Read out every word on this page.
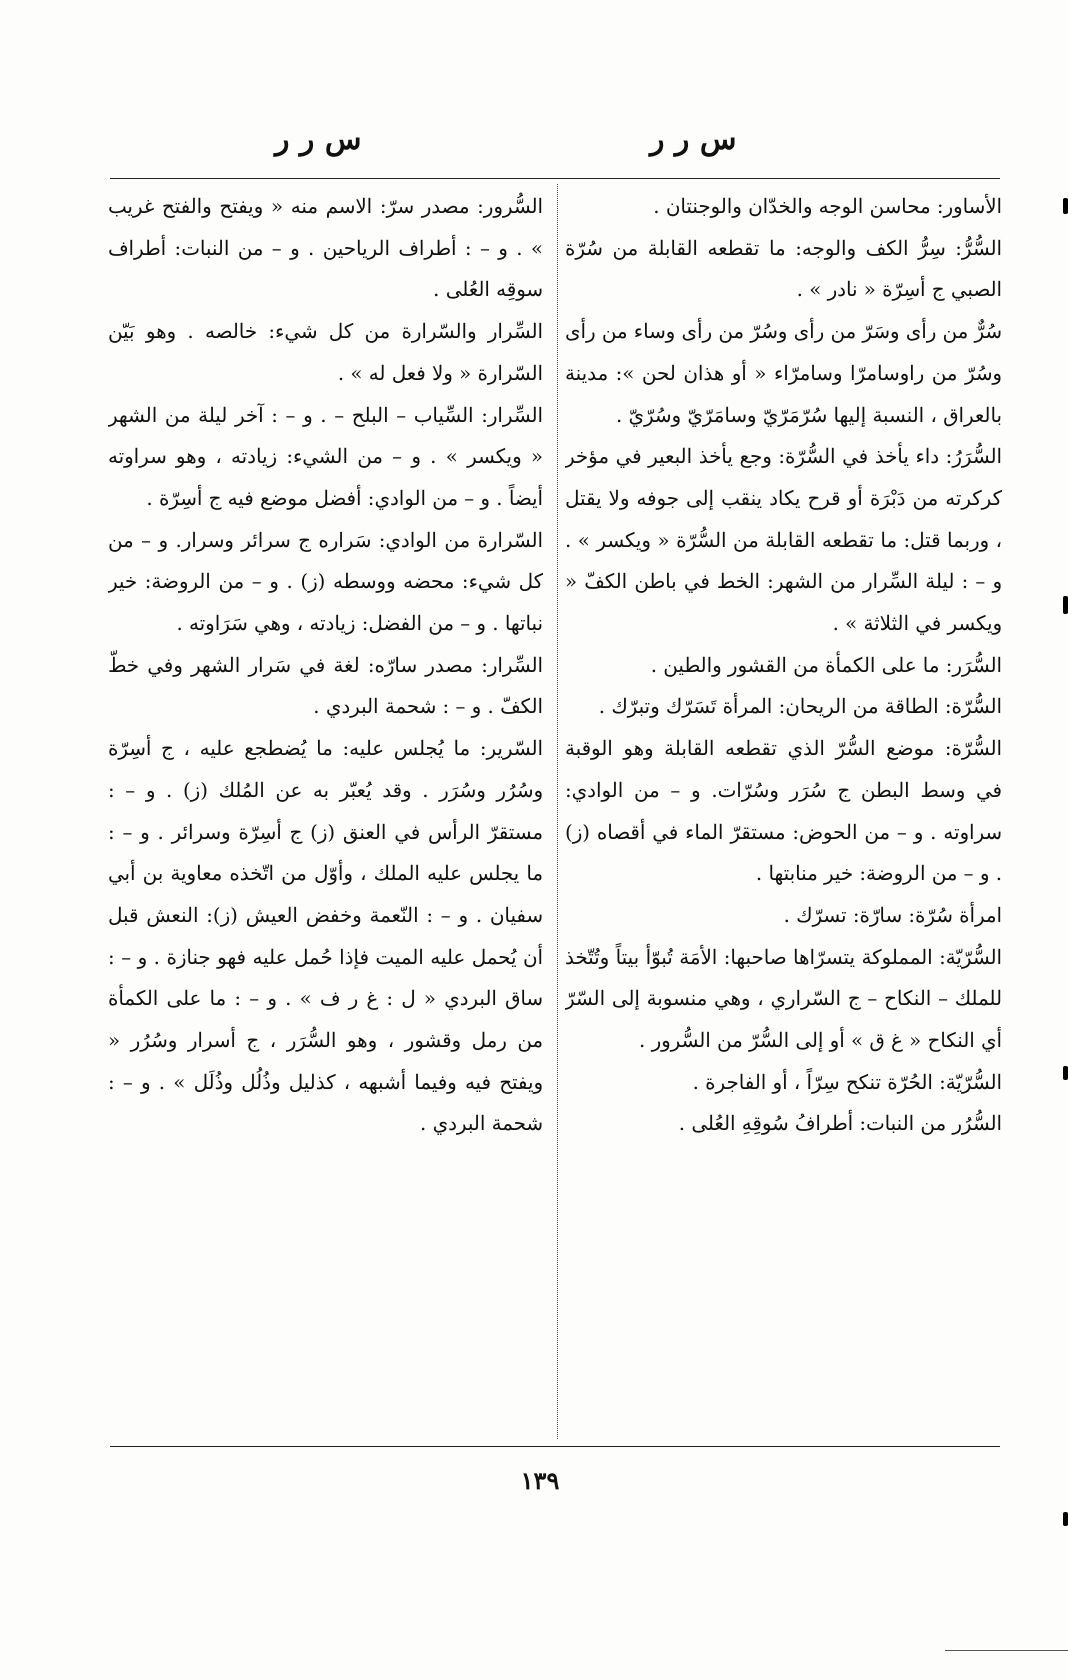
س ر ر
س ر ر

الأساور: محاسن الوجه والخدّان والوجنتان .

السُّرُّ: سِرُّ الكف والوجه: ما تقطعه القابلة من سُرّة الصبي ج أسِرّة « نادر » .

سُرٌّ من رأى وسَرّ من رأى وسُرّ من رأى وساء من رأى وسُرّ من راوسامرّا وسامرّاء « أو هذان لحن »: مدينة بالعراق ، النسبة إليها سُرّمَرّيّ وسامَرّيّ وسُرّيّ .

السُّرَرُ: داء يأخذ في السُّرّة: وجع يأخذ البعير في مؤخر كركرته من دَبْرَة أو قرح يكاد ينقب إلى جوفه ولا يقتل ، وربما قتل: ما تقطعه القابلة من السُّرّة « ويكسر » . و – : ليلة السِّرار من الشهر: الخط في باطن الكفّ « ويكسر في الثلاثة » .

السُّرَر: ما على الكمأة من القشور والطين .

السُّرّة: الطاقة من الريحان: المرأة تَسَرّك وتبرّك .

السُّرّة: موضع السُّرّ الذي تقطعه القابلة وهو الوقبة في وسط البطن ج سُرَر وسُرّات. و – من الوادي: سراوته . و – من الحوض: مستقرّ الماء في أقصاه (ز) . و – من الروضة: خير منابتها .

امرأة سُرّة: سارّة: تسرّك .

السُّرّيّة: المملوكة يتسرّاها صاحبها: الأمَة تُبوّأ بيتاً وتُتّخذ للملك – النكاح – ج السّراري ، وهي منسوبة إلى السّرّ أي النكاح « غ ق » أو إلى السُّرّ من السُّرور .

السُّرّيّة: الحُرّة تنكح سِرّاً ، أو الفاجرة .

السُّرُر من النبات: أطرافُ سُوقِهِ العُلى .

السُّرور: مصدر سرّ: الاسم منه « ويفتح والفتح غريب » . و – : أطراف الرياحين . و – من النبات: أطراف سوقِه العُلى .

السِّرار والسّرارة من كل شيء: خالصه . وهو بَيّن السّرارة « ولا فعل له » .

السِّرار: السِّياب – البلح – . و – : آخر ليلة من الشهر « ويكسر » . و – من الشيء: زيادته ، وهو سراوته أيضاً . و – من الوادي: أفضل موضع فيه ج أسِرّة .

السّرارة من الوادي: سَراره ج سرائر وسرار. و – من كل شيء: محضه ووسطه (ز) . و – من الروضة: خير نباتها . و – من الفضل: زيادته ، وهي سَرَاوته .

السِّرار: مصدر سارّه: لغة في سَرار الشهر وفي خطّ الكفّ . و – : شحمة البردي .

السّرير: ما يُجلس عليه: ما يُضطجع عليه ، ج أسِرّة وسُرُر وسُرَر . وقد يُعبّر به عن المُلك (ز) . و – : مستقرّ الرأس في العنق (ز) ج أسِرّة وسرائر . و – : ما يجلس عليه الملك ، وأوّل من اتّخذه معاوية بن أبي سفيان . و – : النّعمة وخفض العيش (ز): النعش قبل أن يُحمل عليه الميت فإذا حُمل عليه فهو جنازة . و – : ساق البردي « ل : غ ر ف » . و – : ما على الكمأة من رمل وقشور ، وهو السُّرَر ، ج أسرار وسُرُر « ويفتح فيه وفيما أشبهه ، كذليل وذُلُل وذُلَل » . و – : شحمة البردي .

١٣٩
